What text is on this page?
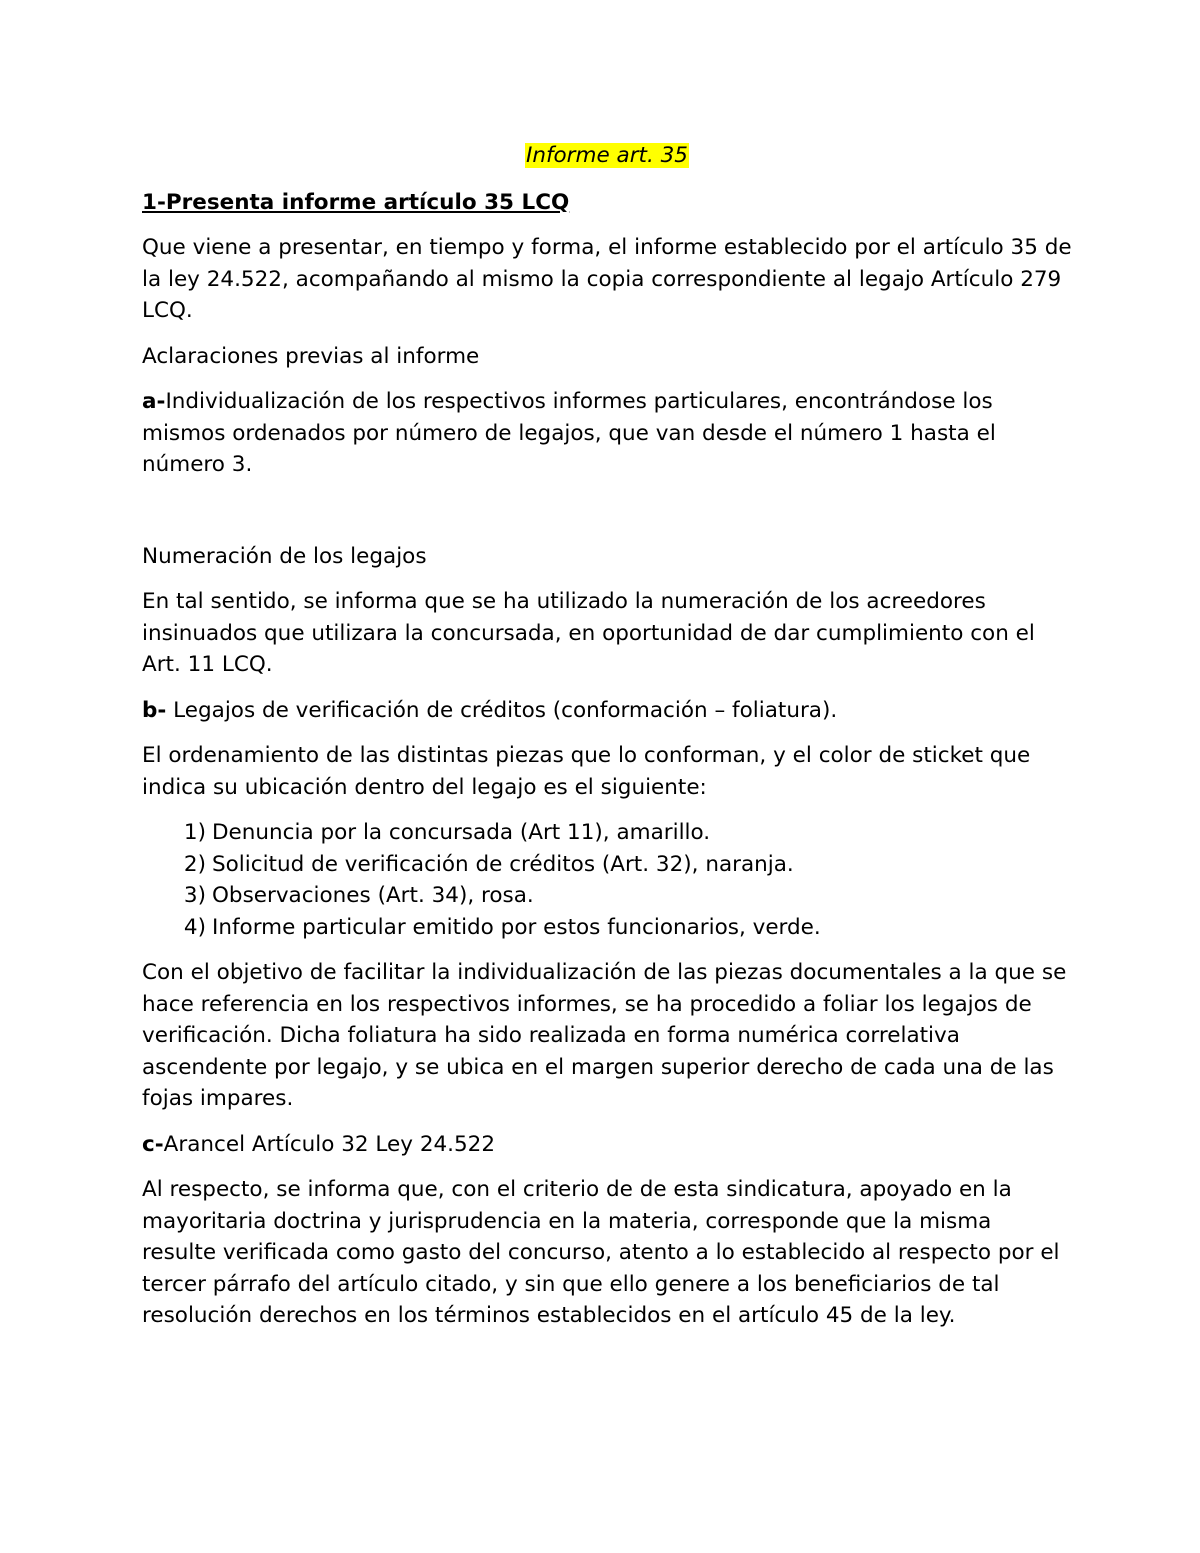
Informe art. 35

1-Presenta informe artículo 35 LCQ

Que viene a presentar, en tiempo y forma, el informe establecido por el artículo 35 de la ley 24.522, acompañando al mismo la copia correspondiente al legajo Artículo 279 LCQ.

Aclaraciones previas al informe

a-Individualización de los respectivos informes particulares, encontrándose los mismos ordenados por número de legajos, que van desde el número 1 hasta el número 3.

Numeración de los legajos

En tal sentido, se informa que se ha utilizado la numeración de los acreedores insinuados que utilizara la concursada, en oportunidad de dar cumplimiento con el Art. 11 LCQ.

b- Legajos de verificación de créditos (conformación – foliatura).

El ordenamiento de las distintas piezas que lo conforman, y el color de sticket que indica su ubicación dentro del legajo es el siguiente:

1) Denuncia por la concursada (Art 11), amarillo.
2) Solicitud de verificación de créditos (Art. 32), naranja.
3) Observaciones (Art. 34), rosa.
4) Informe particular emitido por estos funcionarios, verde.

Con el objetivo de facilitar la individualización de las piezas documentales a la que se hace referencia en los respectivos informes, se ha procedido a foliar los legajos de verificación. Dicha foliatura ha sido realizada en forma numérica correlativa ascendente por legajo, y se ubica en el margen superior derecho de cada una de las fojas impares.

c-Arancel Artículo 32 Ley 24.522

Al respecto, se informa que, con el criterio de de esta sindicatura, apoyado en la mayoritaria doctrina y jurisprudencia en la materia, corresponde que la misma resulte verificada como gasto del concurso, atento a lo establecido al respecto por el tercer párrafo del artículo citado, y sin que ello genere a los beneficiarios de tal resolución derechos en los términos establecidos en el artículo 45 de la ley.
